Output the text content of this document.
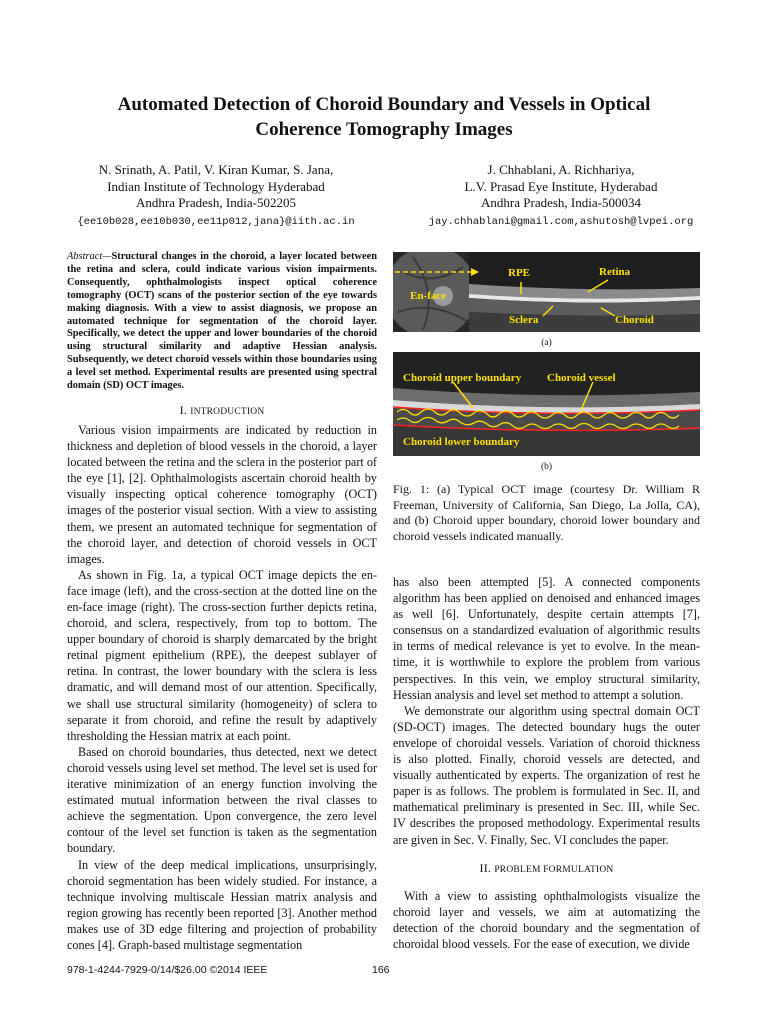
Automated Detection of Choroid Boundary and Vessels in Optical
Coherence Tomography Images
N. Srinath, A. Patil, V. Kiran Kumar, S. Jana,
Indian Institute of Technology Hyderabad
Andhra Pradesh, India-502205
{ee10b028,ee10b030,ee11p012,jana}@iith.ac.in
J. Chhablani, A. Richhariya,
L.V. Prasad Eye Institute, Hyderabad
Andhra Pradesh, India-500034
jay.chhablani@gmail.com,ashutosh@lvpei.org
Abstract—Structural changes in the choroid, a layer located between the retina and sclera, could indicate various vision impairments. Consequently, ophthalmologists inspect optical coherence tomography (OCT) scans of the posterior section of the eye towards making diagnosis. With a view to assist diagnosis, we propose an automated technique for segmentation of the choroid layer. Specifically, we detect the upper and lower boundaries of the choroid using structural similarity and adaptive Hessian analysis. Subsequently, we detect choroid vessels within those boundaries using a level set method. Experimental results are presented using spectral domain (SD) OCT images.
I. INTRODUCTION

Various vision impairments are indicated by reduction in thickness and depletion of blood vessels in the choroid, a layer located between the retina and the sclera in the posterior part of the eye [1], [2]. Ophthalmologists ascertain choroid health by visually inspecting optical coherence tomography (OCT) images of the posterior visual section. With a view to assisting them, we present an automated technique for segmentation of the choroid layer, and detection of choroid vessels in OCT images.

As shown in Fig. 1a, a typical OCT image depicts the en-face image (left), and the cross-section at the dotted line on the en-face image (right). The cross-section further depicts retina, choroid, and sclera, respectively, from top to bottom. The upper boundary of choroid is sharply demarcated by the bright retinal pigment epithelium (RPE), the deepest sublayer of retina. In contrast, the lower boundary with the sclera is less dramatic, and will demand most of our attention. Specifically, we shall use structural similarity (homogeneity) of sclera to separate it from choroid, and refine the result by adaptively thresholding the Hessian matrix at each point.

Based on choroid boundaries, thus detected, next we detect choroid vessels using level set method. The level set is used for iterative minimization of an energy function involving the estimated mutual information between the rival classes to achieve the segmentation. Upon convergence, the zero level contour of the level set function is taken as the segmentation boundary.

In view of the deep medical implications, unsurprisingly, choroid segmentation has been widely studied. For instance, a technique involving multiscale Hessian matrix analysis and region growing has recently been reported [3]. Another method makes use of 3D edge filtering and projection of probability cones [4]. Graph-based multistage segmentation

En-face
RPE	Retina
Sclera	Choroid
(a)
Choroid upper boundary Choroid vessel
Choroid lower boundary
(b)
Fig. 1: (a) Typical OCT image (courtesy Dr. William R Freeman, University of California, San Diego, La Jolla, CA), and (b) Choroid upper boundary, choroid lower boundary and choroid vessels indicated manually.

has also been attempted [5]. A connected components algorithm has been applied on denoised and enhanced images as well [6]. Unfortunately, despite certain attempts [7], consensus on a standardized evaluation of algorithmic results in terms of medical relevance is yet to evolve. In the mean-time, it is worthwhile to explore the problem from various perspectives. In this vein, we employ structural similarity, Hessian analysis and level set method to attempt a solution.

We demonstrate our algorithm using spectral domain OCT (SD-OCT) images. The detected boundary hugs the outer envelope of choroidal vessels. Variation of choroid thickness is also plotted. Finally, choroid vessels are detected, and visually authenticated by experts. The organization of rest he paper is as follows. The problem is formulated in Sec. II, and mathematical preliminary is presented in Sec. III, while Sec. IV describes the proposed methodology. Experimental results are given in Sec. V. Finally, Sec. VI concludes the paper.

II. PROBLEM FORMULATION

With a view to assisting ophthalmologists visualize the choroid layer and vessels, we aim at automatizing the detection of the choroid boundary and the segmentation of choroidal blood vessels. For the ease of execution, we divide

978-1-4244-7929-0/14/$26.00 ©2014 IEEE	166
